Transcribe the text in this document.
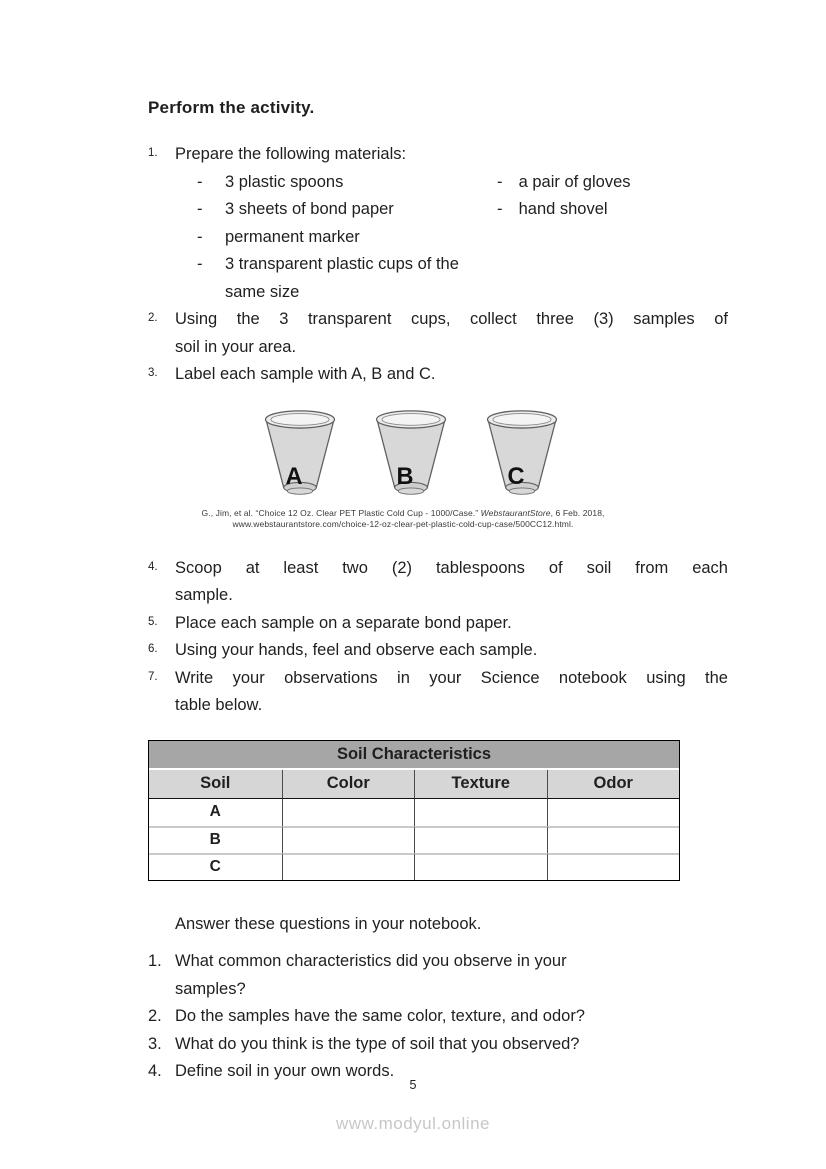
Perform the activity.
1.	Prepare the following materials:
-	3 plastic spoons	- a pair of gloves
-	3 sheets of bond paper	- hand shovel
-	permanent marker
-	3 transparent plastic cups of the same size
2.	Using the 3 transparent cups, collect three (3) samples of
soil in your area.
3.	Label each sample with A, B and C.
A	B	C
G., Jim, et al. “Choice 12 Oz. Clear PET Plastic Cold Cup - 1000/Case.” WebstaurantStore, 6 Feb. 2018,
www.webstaurantstore.com/choice-12-oz-clear-pet-plastic-cold-cup-case/500CC12.html.
4.	Scoop at least two (2) tablespoons of soil from each
sample.
5.	Place each sample on a separate bond paper.
6.	Using your hands, feel and observe each sample.
7.	Write your observations in your Science notebook using the
table below.
Soil Characteristics			
Soil	Color	Texture	Odor
A			
B			
C			
Answer these questions in your notebook.
1. What common characteristics did you observe in your
samples?
2. Do the samples have the same color, texture, and odor?
3. What do you think is the type of soil that you observed?
4. Define soil in your own words.
5
www.modyul.online
